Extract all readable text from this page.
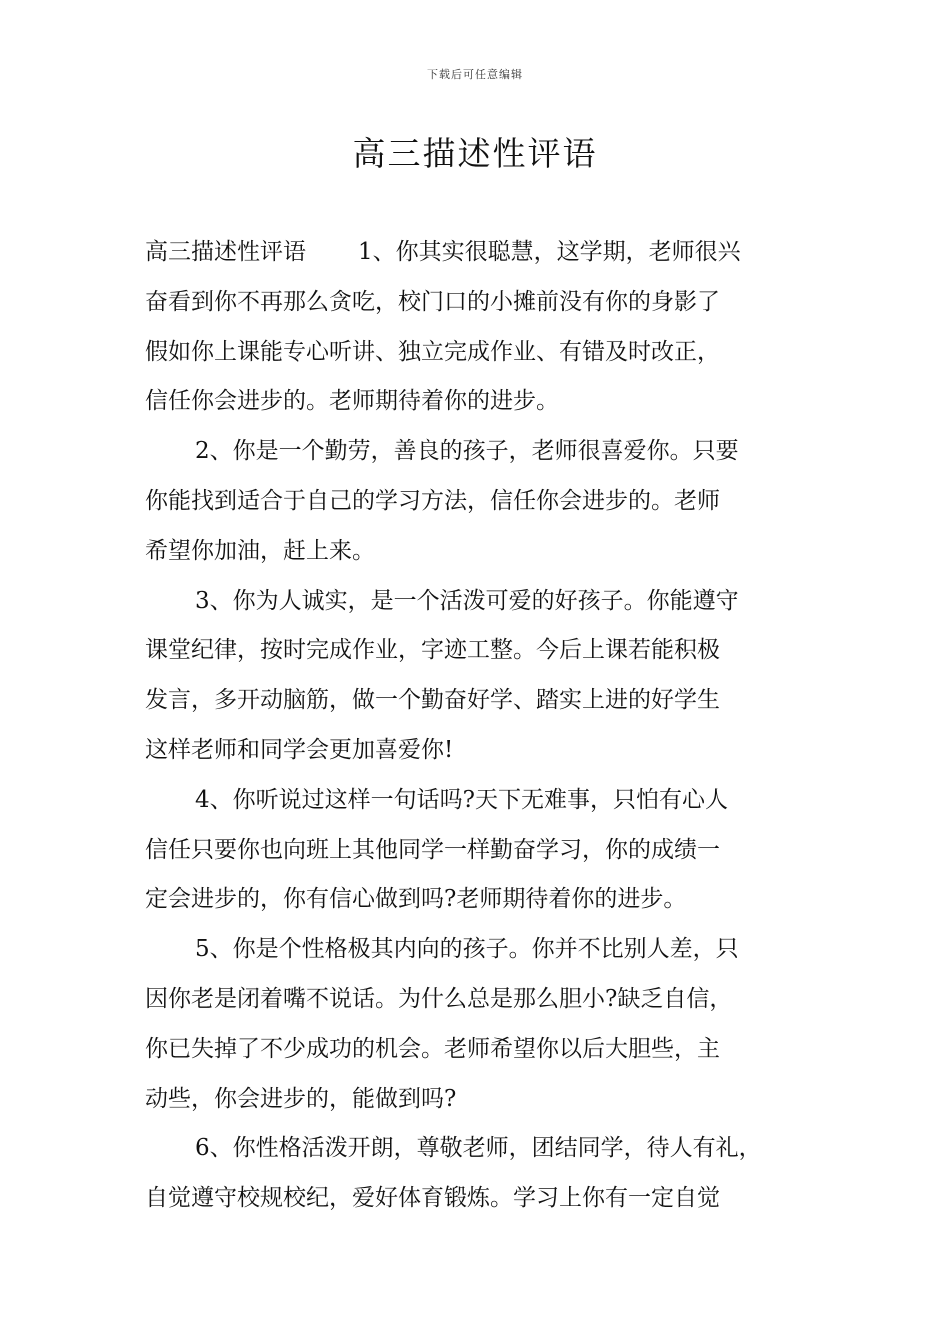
下载后可任意编辑
高三描述性评语
高三描述性评语 1、你其实很聪慧，这学期，老师很兴
奋看到你不再那么贪吃，校门口的小摊前没有你的身影了
假如你上课能专心听讲、独立完成作业、有错及时改正，
信任你会进步的。老师期待着你的进步。
2、你是一个勤劳，善良的孩子，老师很喜爱你。只要
你能找到适合于自己的学习方法，信任你会进步的。老师
希望你加油，赶上来。
3、你为人诚实，是一个活泼可爱的好孩子。你能遵守
课堂纪律，按时完成作业，字迹工整。今后上课若能积极
发言，多开动脑筋，做一个勤奋好学、踏实上进的好学生
这样老师和同学会更加喜爱你!
4、你听说过这样一句话吗?天下无难事，只怕有心人
信任只要你也向班上其他同学一样勤奋学习，你的成绩一
定会进步的，你有信心做到吗?老师期待着你的进步。
5、你是个性格极其内向的孩子。你并不比别人差，只
因你老是闭着嘴不说话。为什么总是那么胆小?缺乏自信，
你已失掉了不少成功的机会。老师希望你以后大胆些，主
动些，你会进步的，能做到吗?
6、你性格活泼开朗，尊敬老师，团结同学，待人有礼，
自觉遵守校规校纪，爱好体育锻炼。学习上你有一定自觉
